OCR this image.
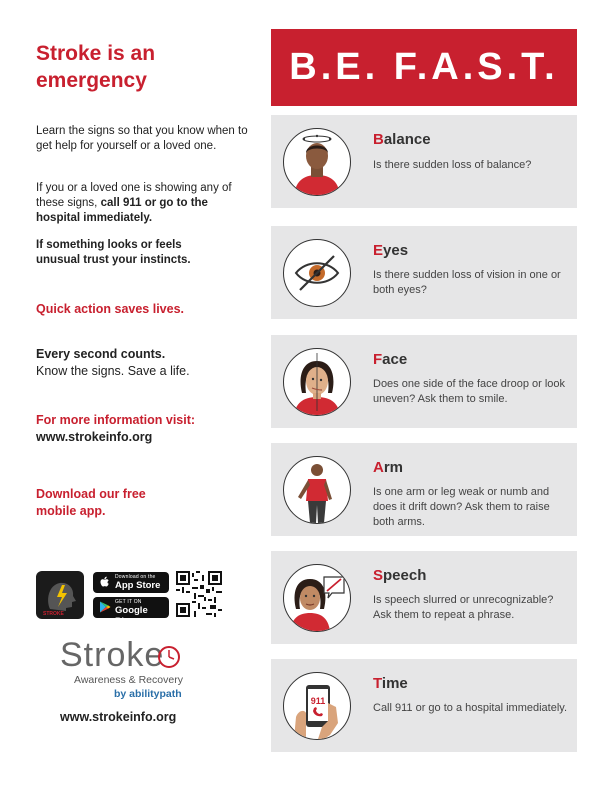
Stroke is an emergency

Learn the signs so that you know when to get help for yourself or a loved one.

If you or a loved one is showing any of these signs, call 911 or go to the hospital immediately.

If something looks or feels unusual trust your instincts.

Quick action saves lives.

Every second counts.

Know the signs. Save a life.

For more information visit:

www.strokeinfo.org

Download our free mobile app.

STROKE
Download on the
App Store
GET IT ON
Google Play
Stroke
Awareness & Recovery
by abilitypath
www.strokeinfo.org
B.E. F.A.S.T.
Balance
Is there sudden loss of balance?
Eyes
Is there sudden loss of vision in one or both eyes?
Face
Does one side of the face droop or look uneven? Ask them to smile.
Arm
Is one arm or leg weak or numb and does it drift down? Ask them to raise both arms.
Speech
Is speech slurred or unrecognizable? Ask them to repeat a phrase.
911
Time
Call 911 or go to a hospital immediately.
